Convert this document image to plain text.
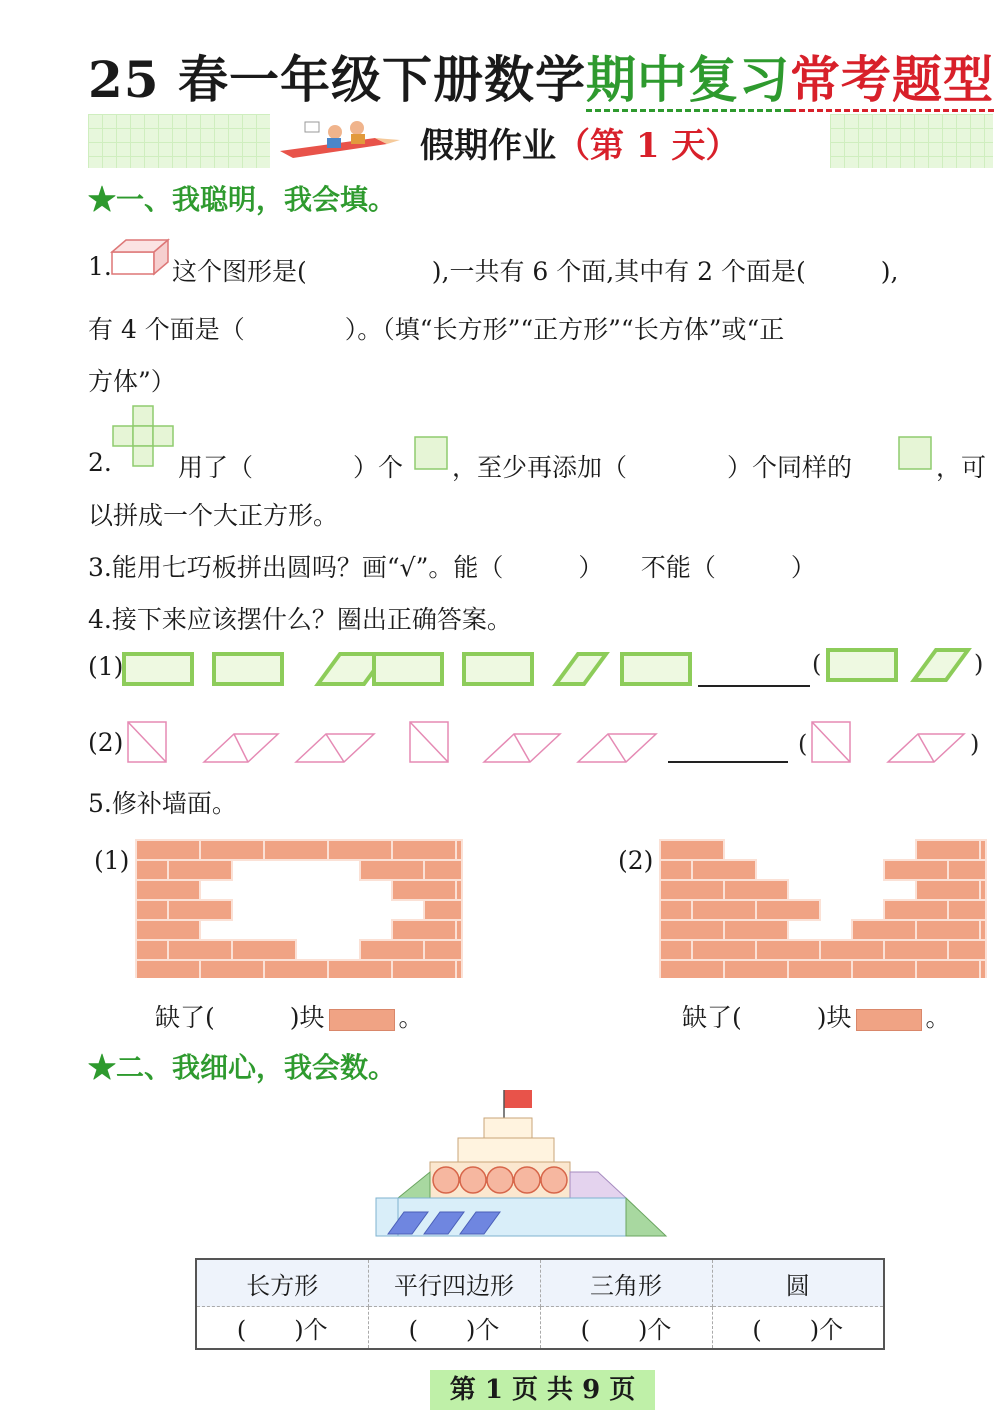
25 春一年级下册数学期中复习常考题型
假期作业（第 1 天）
★一、我聪明，我会填。
1. 这个图形是(　　　　　),一共有 6 个面,其中有 2 个面是(　　　),
有 4 个面是（　　　　）。（填“长方形”“正方形”“长方体”或“正
方体”）
2.	用了（　　　　）个 ，至少再添加（　　　　）个同样的	，可
以拼成一个大正方形。
3.能用七巧板拼出圆吗？画“√”。能（　　　）　　不能（　　　）
4.接下来应该摆什么？圈出正确答案。
(1)	(	)
(2)	(	)
5.修补墙面。
(1)	(2)
缺了(　　　)块	。	缺了(　　　)块	。
★二、我细心，我会数。
长方形	平行四边形	三角形	圆
(　　)个	(　　)个	(　　)个	(　　)个
第 1 页 共 9 页
